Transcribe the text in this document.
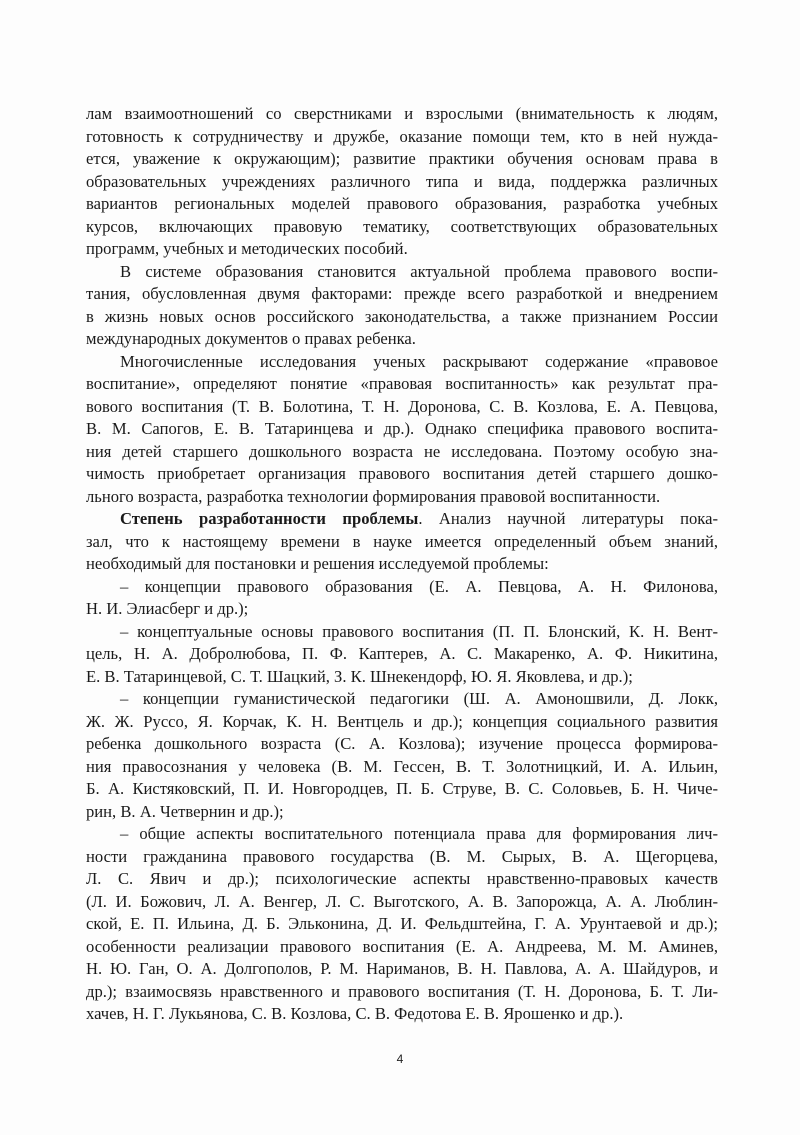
лам взаимоотношений со сверстниками и взрослыми (внимательность к людям,
готовность к сотрудничеству и дружбе, оказание помощи тем, кто в ней нужда-
ется, уважение к окружающим); развитие практики обучения основам права в
образовательных учреждениях различного типа и вида, поддержка различных
вариантов региональных моделей правового образования, разработка учебных
курсов, включающих правовую тематику, соответствующих образовательных
программ, учебных и методических пособий.
В системе образования становится актуальной проблема правового воспи-
тания, обусловленная двумя факторами: прежде всего разработкой и внедрением
в жизнь новых основ российского законодательства, а также признанием России
международных документов о правах ребенка.
Многочисленные исследования ученых раскрывают содержание «правовое
воспитание», определяют понятие «правовая воспитанность» как результат пра-
вового воспитания (Т. В. Болотина, Т. Н. Доронова, С. В. Козлова, Е. А. Певцова,
В. М. Сапогов, Е. В. Татаринцева и др.). Однако специфика правового воспита-
ния детей старшего дошкольного возраста не исследована. Поэтому особую зна-
чимость приобретает организация правового воспитания детей старшего дошко-
льного возраста, разработка технологии формирования правовой воспитанности.
Степень разработанности проблемы. Анализ научной литературы пока-
зал, что к настоящему времени в науке имеется определенный объем знаний,
необходимый для постановки и решения исследуемой проблемы:
– концепции правового образования (Е. А. Певцова, А. Н. Филонова,
Н. И. Элиасберг и др.);
– концептуальные основы правового воспитания (П. П. Блонский, К. Н. Вент-
цель, Н. А. Добролюбова, П. Ф. Каптерев, А. С. Макаренко, А. Ф. Никитина,
Е. В. Татаринцевой, С. Т. Шацкий, З. К. Шнекендорф, Ю. Я. Яковлева, и др.);
– концепции гуманистической педагогики (Ш. А. Амоношвили, Д. Локк,
Ж. Ж. Руссо, Я. Корчак, К. Н. Вентцель и др.); концепция социального развития
ребенка дошкольного возраста (С. А. Козлова); изучение процесса формирова-
ния правосознания у человека (В. М. Гессен, В. Т. Золотницкий, И. А. Ильин,
Б. А. Кистяковский, П. И. Новгородцев, П. Б. Струве, В. С. Соловьев, Б. Н. Чиче-
рин, В. А. Четвернин и др.);
– общие аспекты воспитательного потенциала права для формирования лич-
ности гражданина правового государства (В. М. Сырых, В. А. Щегорцева,
Л. С. Явич и др.); психологические аспекты нравственно-правовых качеств
(Л. И. Божович, Л. А. Венгер, Л. С. Выготского, А. В. Запорожца, А. А. Люблин-
ской, Е. П. Ильина, Д. Б. Эльконина, Д. И. Фельдштейна, Г. А. Урунтаевой и др.);
особенности реализации правового воспитания (Е. А. Андреева, М. М. Аминев,
Н. Ю. Ган, О. А. Долгополов, Р. М. Нариманов, В. Н. Павлова, А. А. Шайдуров, и
др.); взаимосвязь нравственного и правового воспитания (Т. Н. Доронова, Б. Т. Ли-
хачев, Н. Г. Лукьянова, С. В. Козлова, С. В. Федотова Е. В. Ярошенко и др.).
4
